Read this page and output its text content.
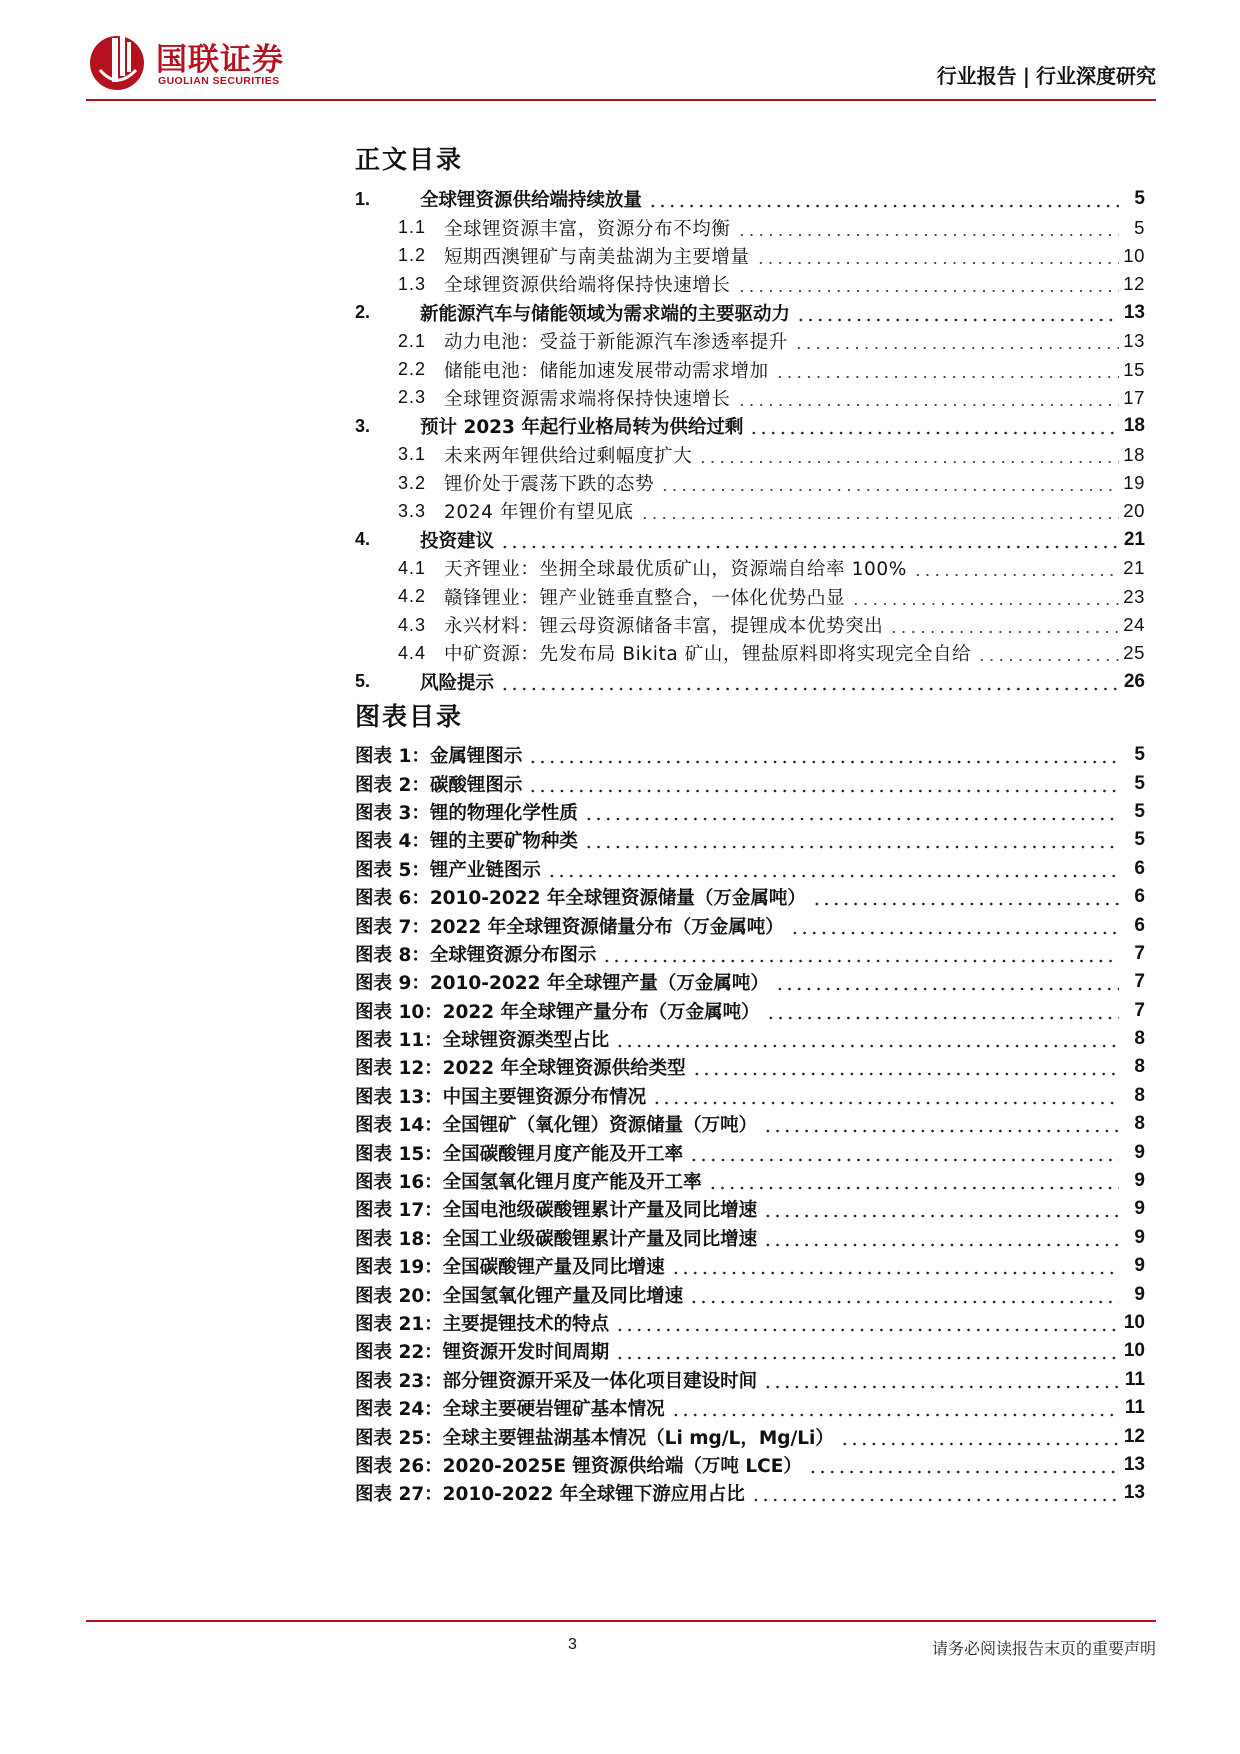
国联证券
GUOLIAN SECURITIES	行业报告 | 行业深度研究
正文目录
1.	全球锂资源供给端持续放量	5
1.1 全球锂资源丰富，资源分布不均衡	5
1.2 短期西澳锂矿与南美盐湖为主要增量	10
1.3 全球锂资源供给端将保持快速增长	12
2.	新能源汽车与储能领域为需求端的主要驱动力	13
2.1 动力电池：受益于新能源汽车渗透率提升	13
2.2 储能电池：储能加速发展带动需求增加	15
2.3 全球锂资源需求端将保持快速增长	17
3.	预计 2023 年起行业格局转为供给过剩	18
3.1 未来两年锂供给过剩幅度扩大	18
3.2 锂价处于震荡下跌的态势	19
3.3 2024 年锂价有望见底	20
4.	投资建议	21
4.1 天齐锂业：坐拥全球最优质矿山，资源端自给率 100%	21
4.2 赣锋锂业：锂产业链垂直整合，一体化优势凸显	23
4.3 永兴材料：锂云母资源储备丰富，提锂成本优势突出	24
4.4 中矿资源：先发布局 Bikita 矿山，锂盐原料即将实现完全自给	25
5.	风险提示	26
图表目录
图表 1：金属锂图示	5
图表 2：碳酸锂图示	5
图表 3：锂的物理化学性质	5
图表 4：锂的主要矿物种类	5
图表 5：锂产业链图示	6
图表 6：2010-2022 年全球锂资源储量（万金属吨）	6
图表 7：2022 年全球锂资源储量分布（万金属吨）	6
图表 8：全球锂资源分布图示	7
图表 9：2010-2022 年全球锂产量（万金属吨）	7
图表 10：2022 年全球锂产量分布（万金属吨）	7
图表 11：全球锂资源类型占比	8
图表 12：2022 年全球锂资源供给类型	8
图表 13：中国主要锂资源分布情况	8
图表 14：全国锂矿（氧化锂）资源储量（万吨）	8
图表 15：全国碳酸锂月度产能及开工率	9
图表 16：全国氢氧化锂月度产能及开工率	9
图表 17：全国电池级碳酸锂累计产量及同比增速	9
图表 18：全国工业级碳酸锂累计产量及同比增速	9
图表 19：全国碳酸锂产量及同比增速	9
图表 20：全国氢氧化锂产量及同比增速	9
图表 21：主要提锂技术的特点	10
图表 22：锂资源开发时间周期	10
图表 23：部分锂资源开采及一体化项目建设时间	11
图表 24：全球主要硬岩锂矿基本情况	11
图表 25：全球主要锂盐湖基本情况（Li mg/L，Mg/Li）	12
图表 26：2020-2025E 锂资源供给端（万吨 LCE）	13
图表 27：2010-2022 年全球锂下游应用占比	13
3	请务必阅读报告末页的重要声明
